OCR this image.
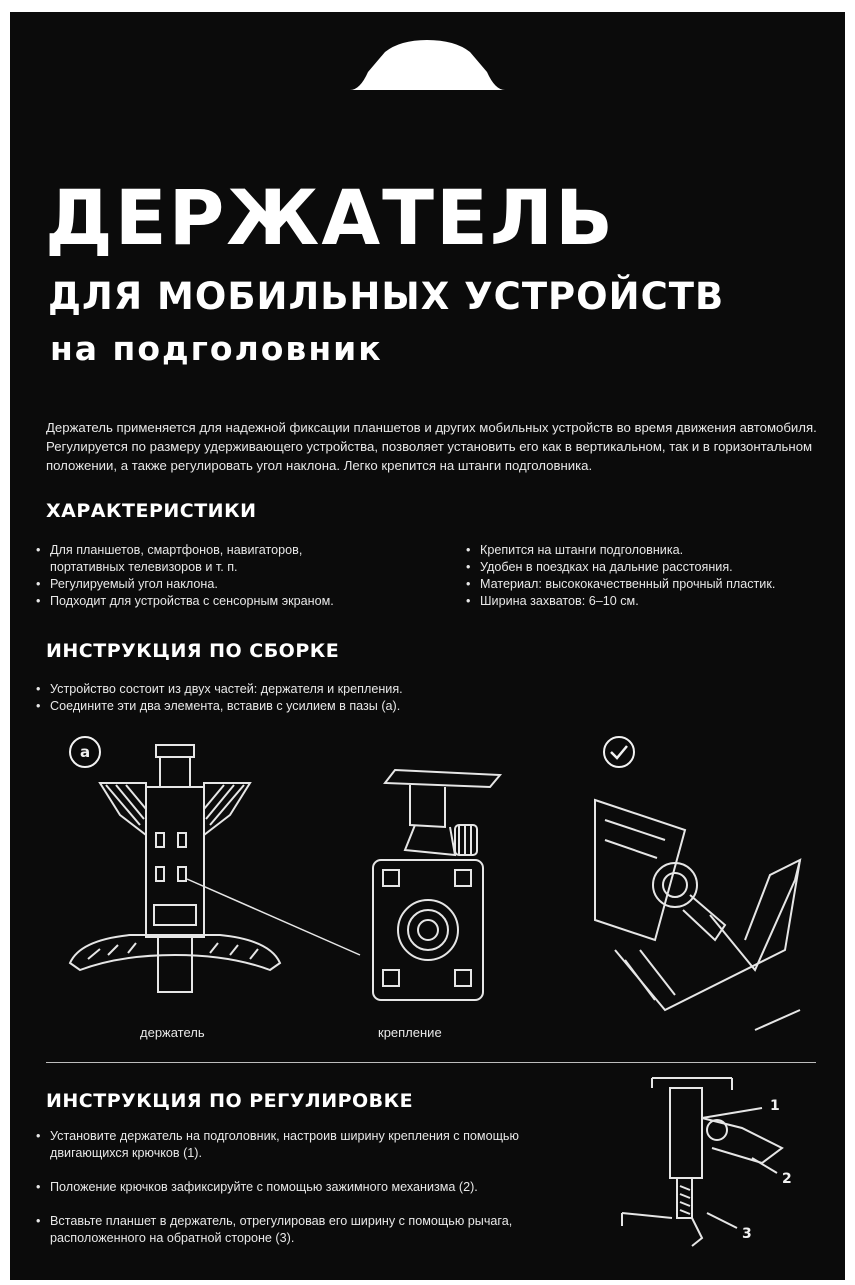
ДЕРЖАТЕЛЬ
ДЛЯ МОБИЛЬНЫХ УСТРОЙСТВ
на подголовник

Держатель применяется для надежной фиксации планшетов и других мобильных устройств во время движения автомобиля. Регулируется по размеру удерживающего устройства, позволяет установить его как в вертикальном, так и в горизонтальном положении, а также регулировать угол наклона. Легко крепится на штанги подголовника.

ХАРАКТЕРИСТИКИ
• Для планшетов, смартфонов, навигаторов, портативных телевизоров и т. п.
• Регулируемый угол наклона.
• Подходит для устройства с сенсорным экраном.
• Крепится на штанги подголовника.
• Удобен в поездках на дальние расстояния.
• Материал: высококачественный прочный пластик.
• Ширина захватов: 6–10 см.
ИНСТРУКЦИЯ ПО СБОРКЕ
• Устройство состоит из двух частей: держателя и крепления.
• Соедините эти два элемента, вставив с усилием в пазы (а).
a

держатель	крепление

ИНСТРУКЦИЯ ПО РЕГУЛИРОВКЕ
• Установите держатель на подголовник, настроив ширину крепления с помощью двигающихся крючков (1).
• Положение крючков зафиксируйте с помощью зажимного механизма (2).
• Вставьте планшет в держатель, отрегулировав его ширину с помощью рычага, расположенного на обратной стороне (3).
1
2
3
